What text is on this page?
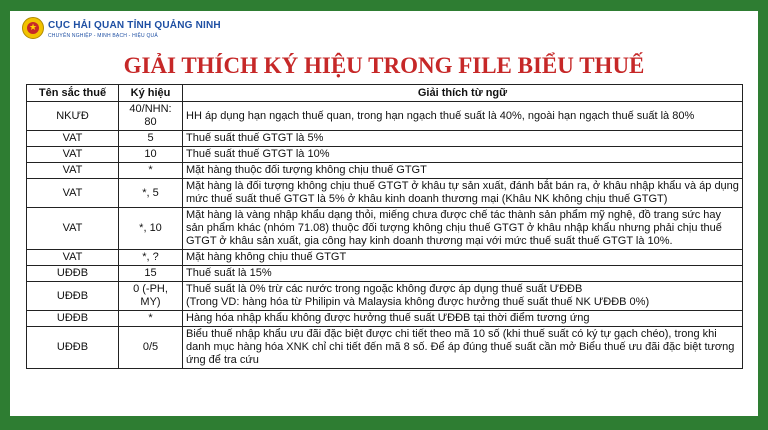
★ CỤC HẢI QUAN TỈNH QUẢNG NINH
CHUYÊN NGHIỆP - MINH BẠCH - HIỆU QUẢ
GIẢI THÍCH KÝ HIỆU TRONG FILE BIỂU THUẾ
Tên sắc thuế	Ký hiệu	Giải thích từ ngữ
NKƯĐ	40/NHN: 80	HH áp dụng hạn ngạch thuế quan, trong hạn ngạch thuế suất là 40%, ngoài hạn ngạch thuế suất là 80%
VAT	5	Thuế suất thuế GTGT là 5%
VAT	10	Thuế suất thuế GTGT là 10%
VAT	*	Mặt hàng thuộc đối tượng không chịu thuế GTGT
VAT	*, 5	Mặt hàng là đối tượng không chịu thuế GTGT ở khâu tự sản xuất, đánh bắt bán ra, ở khâu nhập khẩu và áp dụng mức thuế suất thuế GTGT là 5% ở khâu kinh doanh thương mại (Khâu NK không chịu thuế GTGT)
VAT	*, 10	Mặt hàng là vàng nhập khẩu dạng thỏi, miếng chưa được chế tác thành sản phẩm mỹ nghệ, đồ trang sức hay sản phẩm khác (nhóm 71.08) thuộc đối tượng không chịu thuế GTGT ở khâu nhập khẩu nhưng phải chịu thuế GTGT ở khâu sản xuất, gia công hay kinh doanh thương mại với mức thuế suất thuế GTGT là 10%.
VAT	*, ?	Mặt hàng không chịu thuế GTGT
UĐĐB	15	Thuế suất là 15%
UĐĐB	0 (-PH, MY)	Thuế suất là 0% trừ các nước trong ngoặc không được áp dụng thuế suất ƯĐĐB
(Trong VD: hàng hóa từ Philipin và Malaysia không được hưởng thuế suất thuế NK ƯĐĐB 0%)

UĐĐB	*	Hàng hóa nhập khẩu không được hưởng thuế suất ƯĐĐB tại thời điểm tương ứng
UĐĐB	0/5	Biểu thuế nhập khẩu ưu đãi đặc biệt được chi tiết theo mã 10 số (khi thuế suất có ký tự gạch chéo), trong khi danh mục hàng hóa XNK chỉ chi tiết đến mã 8 số. Để áp đúng thuế suất cần mở Biểu thuế ưu đãi đặc biệt tương ứng để tra cứu
